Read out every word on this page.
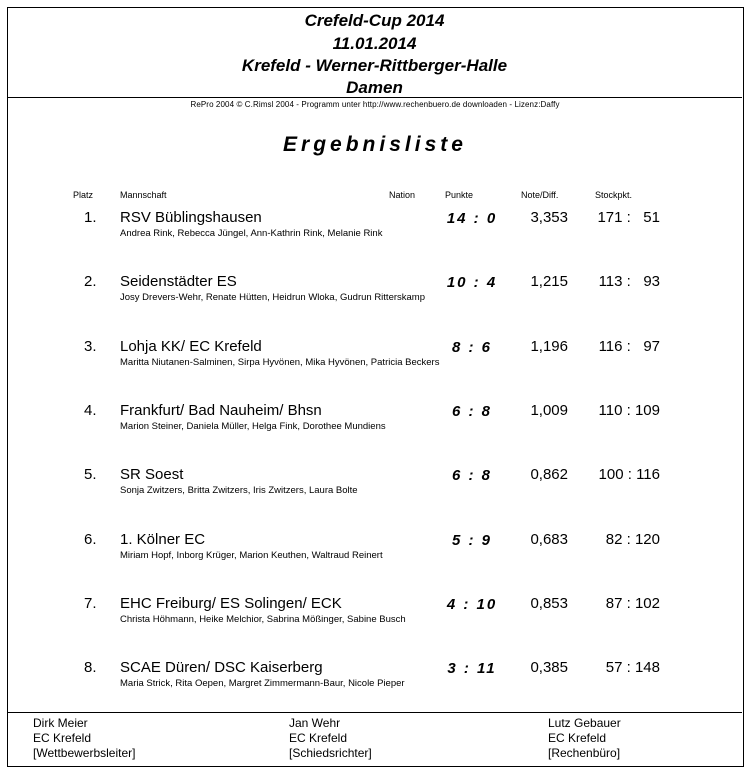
Crefeld-Cup 2014
11.01.2014
Krefeld - Werner-Rittberger-Halle
Damen
RePro 2004 © C.Rimsl 2004 - Programm unter http://www.rechenbuero.de downloaden - Lizenz:Daffy
Ergebnisliste
Platz	Mannschaft	Nation	Punkte	Note/Diff.	Stockpkt.
1. RSV Büblingshausen	14 : 0	3,353	171 :   51
Andrea Rink, Rebecca Jüngel, Ann-Kathrin Rink, Melanie Rink
2. Seidenstädter ES	10 : 4	1,215	113 :   93
Josy Drevers-Wehr, Renate Hütten, Heidrun Wloka, Gudrun Ritterskamp
3. Lohja KK/ EC Krefeld	8 : 6	1,196	116 :   97
Maritta Niutanen-Salminen, Sirpa Hyvönen, Mika Hyvönen, Patricia Beckers
4. Frankfurt/ Bad Nauheim/ Bhsn	6 : 8	1,009	110 : 109
Marion Steiner, Daniela Müller, Helga Fink, Dorothee Mundiens
5. SR Soest	6 : 8	0,862	100 : 116
Sonja Zwitzers, Britta Zwitzers, Iris Zwitzers, Laura Bolte
6. 1. Kölner EC	5 : 9	0,683	82 : 120
Miriam Hopf, Inborg Krüger, Marion Keuthen, Waltraud Reinert
7. EHC Freiburg/ ES Solingen/ ECK	4 : 10	0,853	87 : 102
Christa Höhmann, Heike Melchior, Sabrina Mößinger, Sabine Busch
8. SCAE Düren/ DSC Kaiserberg	3 : 11	0,385	57 : 148
Maria Strick, Rita Oepen, Margret Zimmermann-Baur, Nicole Pieper
Dirk Meier
EC Krefeld
[Wettbewerbsleiter]
Jan Wehr
EC Krefeld
[Schiedsrichter]
Lutz Gebauer
EC Krefeld
[Rechenbüro]
